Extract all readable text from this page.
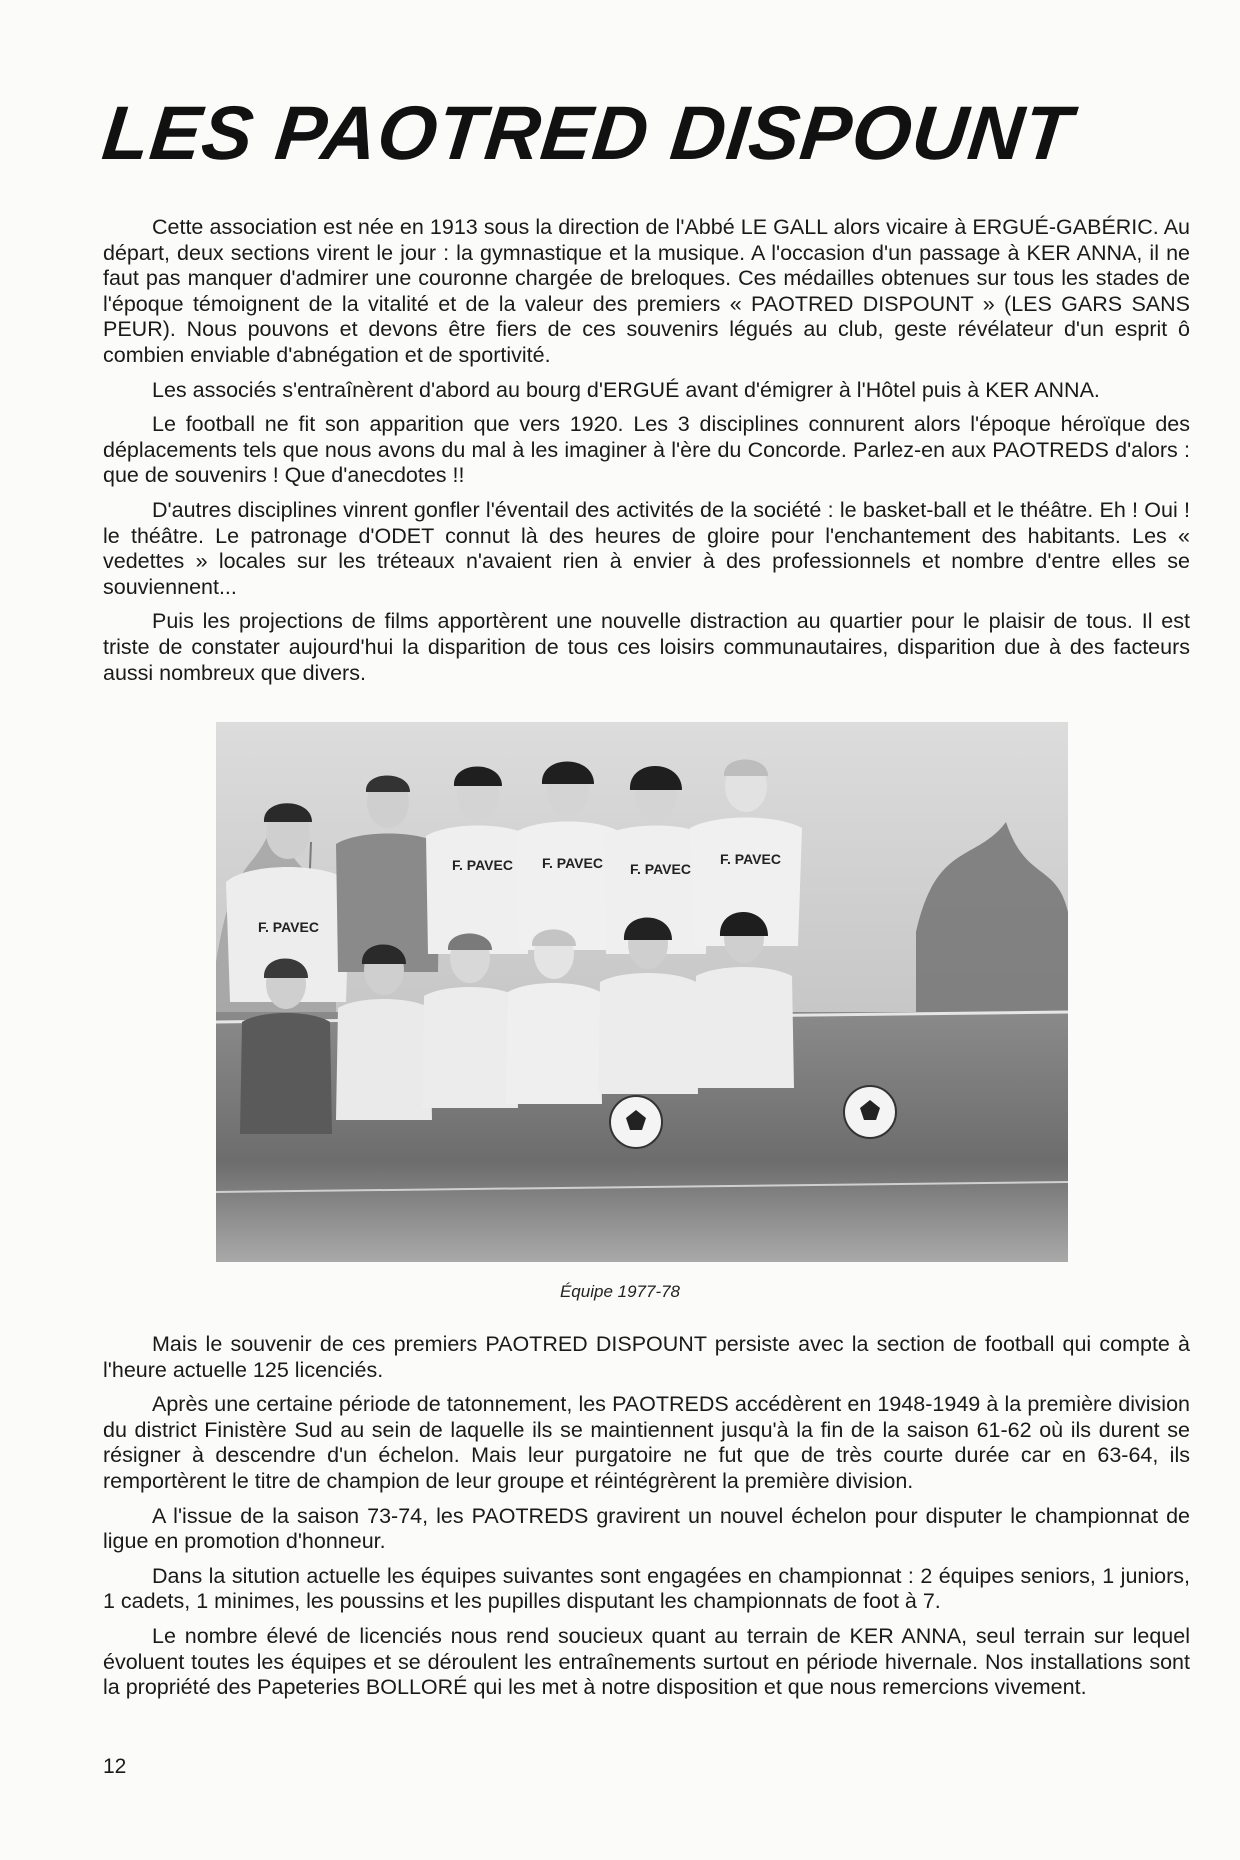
LES PAOTRED DISPOUNT

Cette association est née en 1913 sous la direction de l'Abbé LE GALL alors vicaire à ERGUÉ-GABÉRIC. Au départ, deux sections virent le jour : la gymnastique et la musique. A l'occasion d'un passage à KER ANNA, il ne faut pas manquer d'admirer une couronne chargée de breloques. Ces médailles obtenues sur tous les stades de l'époque témoignent de la vitalité et de la valeur des premiers « PAOTRED DISPOUNT » (LES GARS SANS PEUR). Nous pouvons et devons être fiers de ces souvenirs légués au club, geste révélateur d'un esprit ô combien enviable d'abnégation et de sportivité.

Les associés s'entraînèrent d'abord au bourg d'ERGUÉ avant d'émigrer à l'Hôtel puis à KER ANNA.

Le football ne fit son apparition que vers 1920. Les 3 disciplines connurent alors l'époque héroïque des déplacements tels que nous avons du mal à les imaginer à l'ère du Concorde. Parlez-en aux PAOTREDS d'alors : que de souvenirs ! Que d'anecdotes !!

D'autres disciplines vinrent gonfler l'éventail des activités de la société : le basket-ball et le théâtre. Eh ! Oui ! le théâtre. Le patronage d'ODET connut là des heures de gloire pour l'enchantement des habitants. Les « vedettes » locales sur les tréteaux n'avaient rien à envier à des professionnels et nombre d'entre elles se souviennent...

Puis les projections de films apportèrent une nouvelle distraction au quartier pour le plaisir de tous. Il est triste de constater aujourd'hui la disparition de tous ces loisirs communautaires, disparition due à des facteurs aussi nombreux que divers.

F. PAVEC
F. PAVEC F. PAVEC F. PAVEC
F. PAVEC
Équipe 1977-78

Mais le souvenir de ces premiers PAOTRED DISPOUNT persiste avec la section de football qui compte à l'heure actuelle 125 licenciés.

Après une certaine période de tatonnement, les PAOTREDS accédèrent en 1948-1949 à la première division du district Finistère Sud au sein de laquelle ils se maintiennent jusqu'à la fin de la saison 61-62 où ils durent se résigner à descendre d'un échelon. Mais leur purgatoire ne fut que de très courte durée car en 63-64, ils remportèrent le titre de champion de leur groupe et réintégrèrent la première division.

A l'issue de la saison 73-74, les PAOTREDS gravirent un nouvel échelon pour disputer le championnat de ligue en promotion d'honneur.

Dans la sitution actuelle les équipes suivantes sont engagées en championnat : 2 équipes seniors, 1 juniors, 1 cadets, 1 minimes, les poussins et les pupilles disputant les championnats de foot à 7.

Le nombre élevé de licenciés nous rend soucieux quant au terrain de KER ANNA, seul terrain sur lequel évoluent toutes les équipes et se déroulent les entraînements surtout en période hivernale. Nos installations sont la propriété des Papeteries BOLLORÉ qui les met à notre disposition et que nous remercions vivement.

12
